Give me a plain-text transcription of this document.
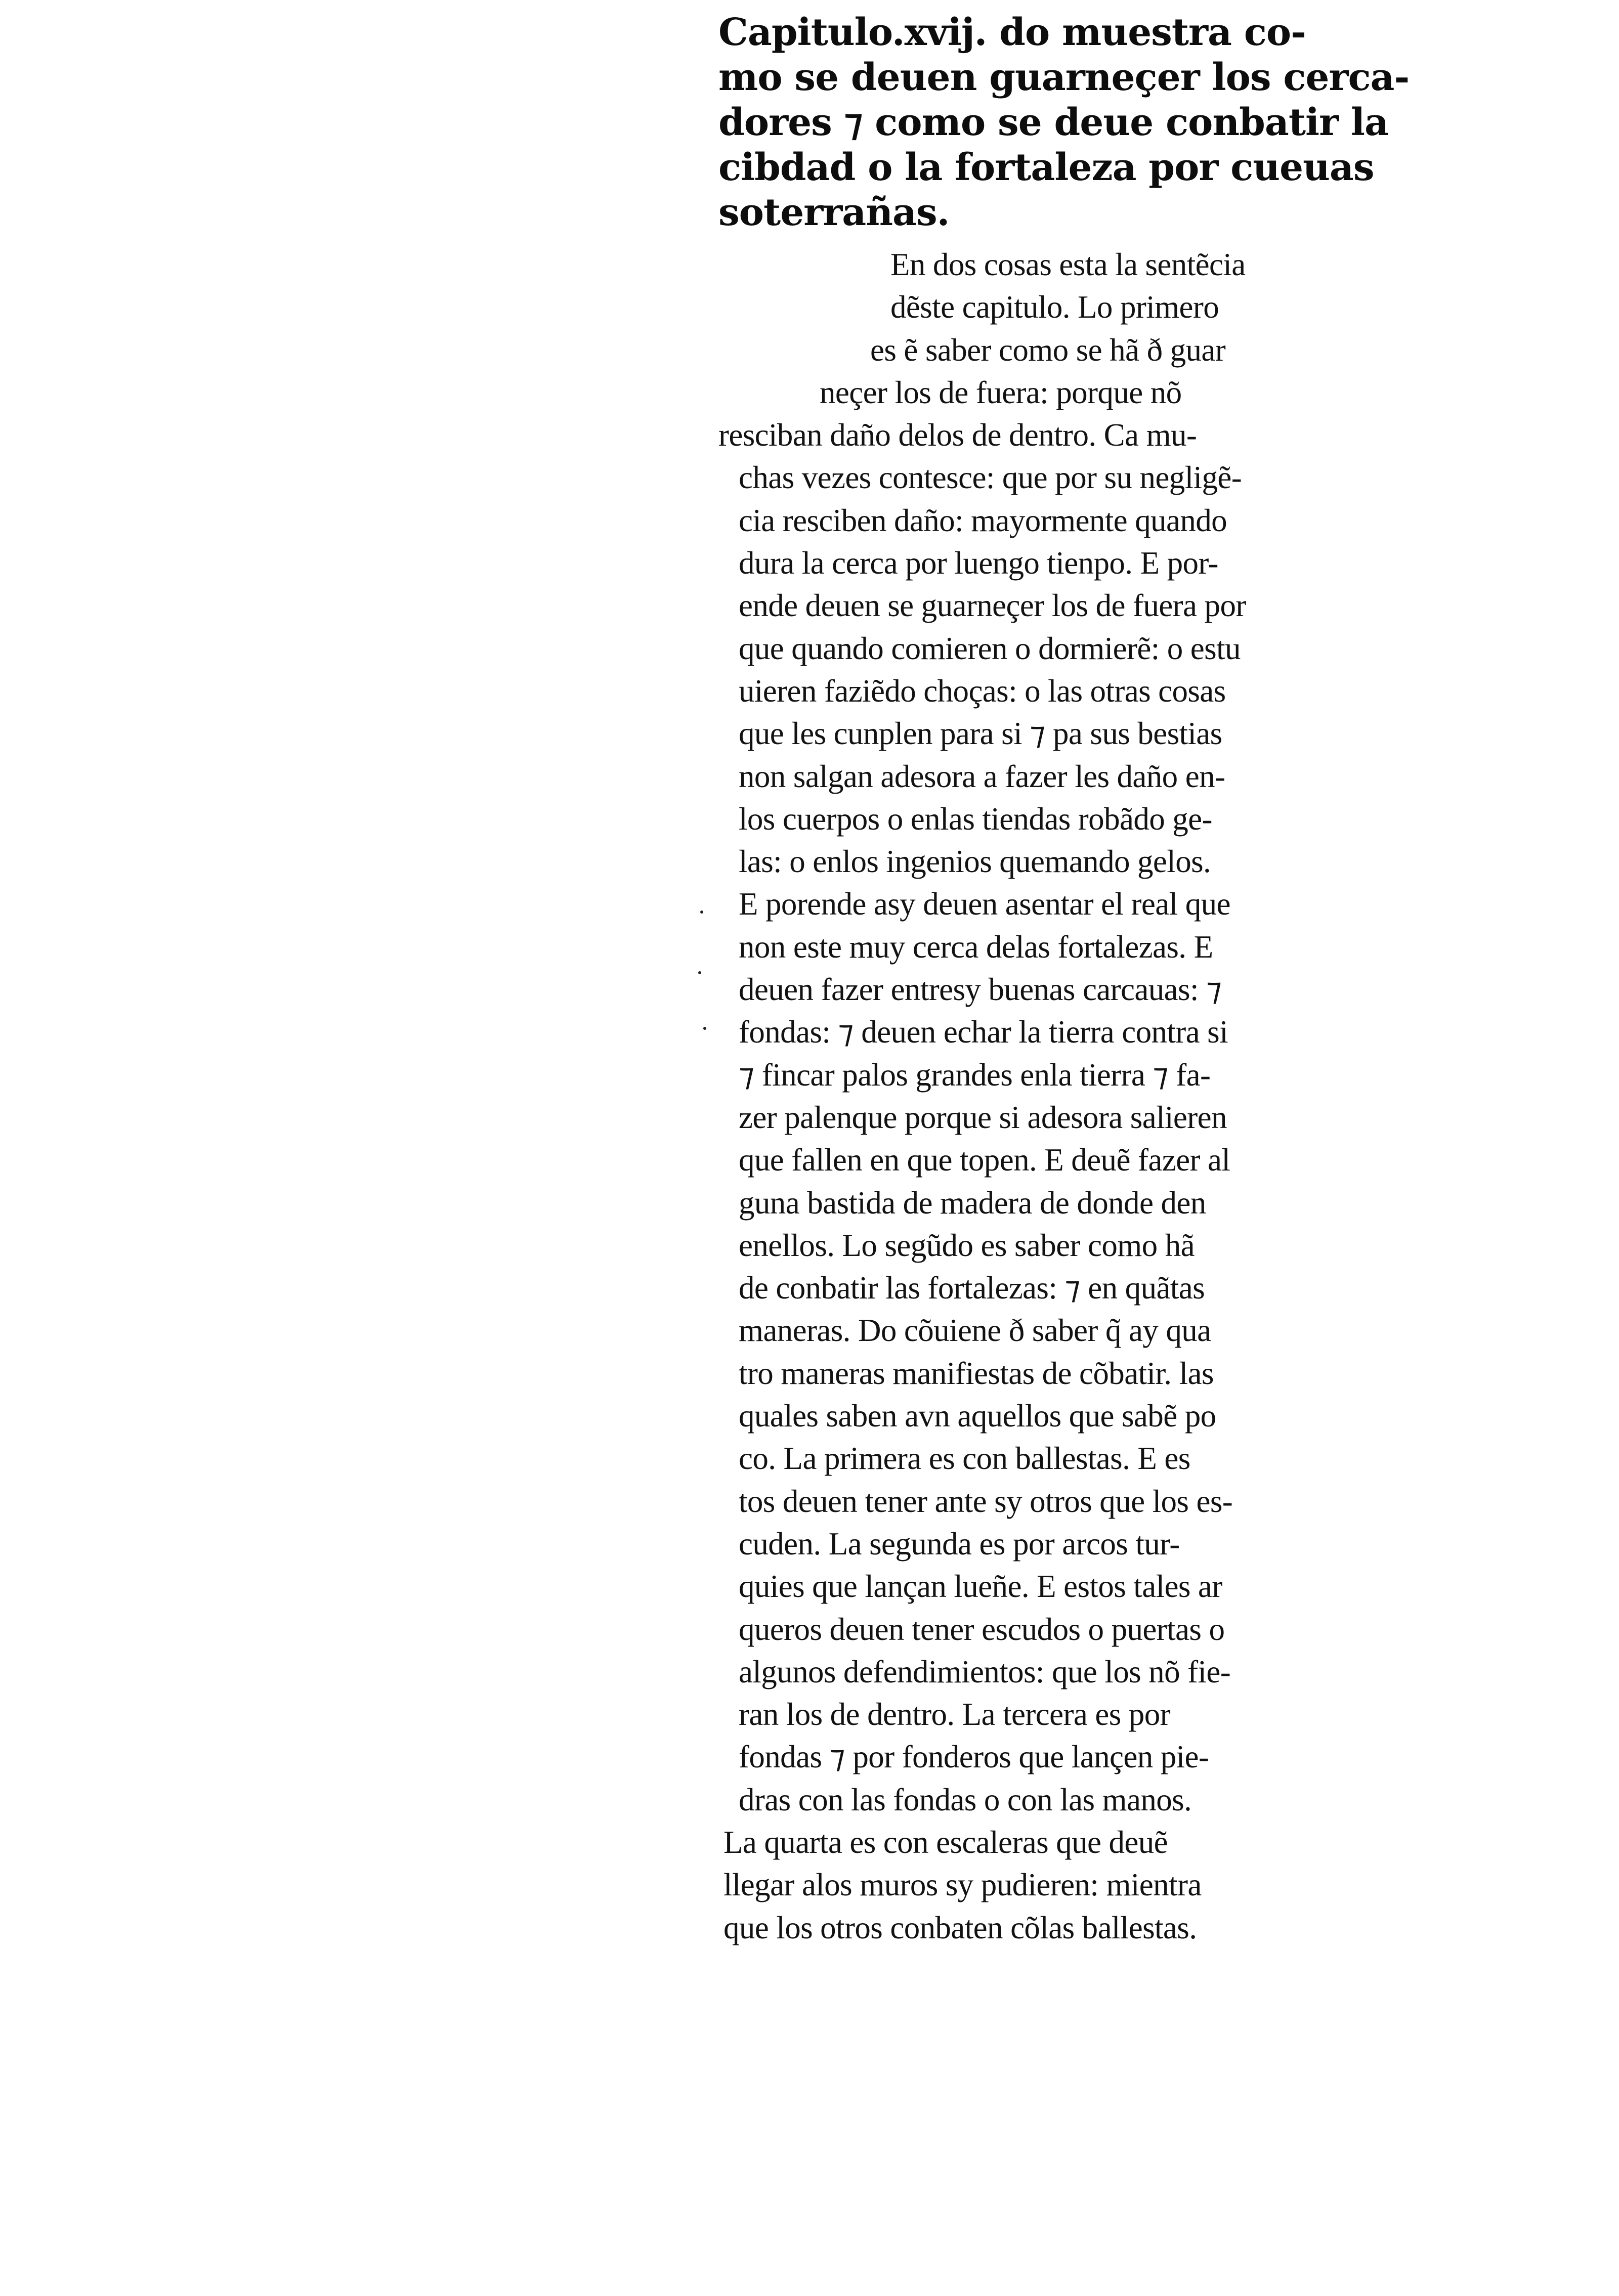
Capitulo.xvij. do muestra co-
mo se deuen guarneçer los cerca-
dores ⁊ como se deue conbatir la
cibdad o la fortaleza por cueuas
soterrañas.
En dos cosas esta la sentẽcia
dẽste capitulo. Lo primero
es ẽ saber como se hã ð guar
neçer los de fuera: porque nõ
resciban daño delos de dentro. Ca mu-
chas vezes contesce: que por su negligẽ-
cia resciben daño: mayormente quando
dura la cerca por luengo tienpo. E por-
ende deuen se guarneçer los de fuera por
que quando comieren o dormierẽ: o estu
uieren faziẽdo choças: o las otras cosas
que les cunplen para si ⁊ pa sus bestias
non salgan adesora a fazer les daño en-
los cuerpos o enlas tiendas robãdo ge-
las: o enlos ingenios quemando gelos.
E porende asy deuen asentar el real que
non este muy cerca delas fortalezas. E
deuen fazer entresy buenas carcauas: ⁊
fondas: ⁊ deuen echar la tierra contra si
⁊ fincar palos grandes enla tierra ⁊ fa-
zer palenque porque si adesora salieren
que fallen en que topen. E deuẽ fazer al
guna bastida de madera de donde den
enellos. Lo segũdo es saber como hã
de conbatir las fortalezas: ⁊ en quãtas
maneras. Do cõuiene ð saber q̃ ay qua
tro maneras manifiestas de cõbatir. las
quales saben avn aquellos que sabẽ po
co. La primera es con ballestas. E es
tos deuen tener ante sy otros que los es-
cuden. La segunda es por arcos tur-
quies que lançan lueñe. E estos tales ar
queros deuen tener escudos o puertas o
algunos defendimientos: que los nõ fie-
ran los de dentro. La tercera es por
fondas ⁊ por fonderos que lançen pie-
dras con las fondas o con las manos.
La quarta es con escaleras que deuẽ
llegar alos muros sy pudieren: mientra
que los otros conbaten cõlas ballestas.
